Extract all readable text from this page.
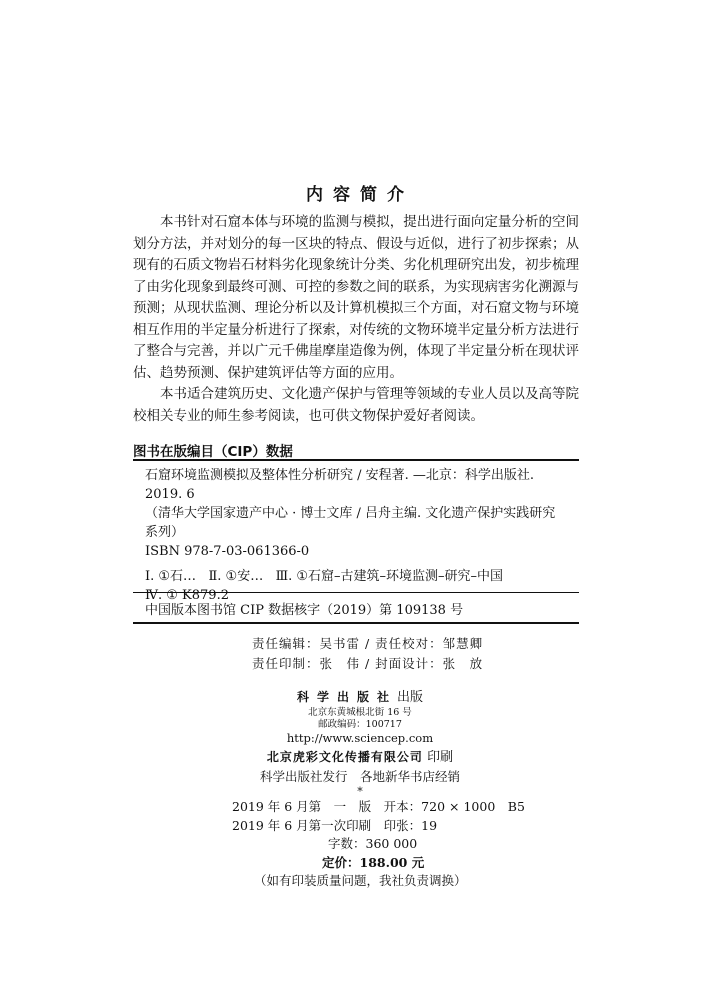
内容简介

本书针对石窟本体与环境的监测与模拟，提出进行面向定量分析的空间划分方法，并对划分的每一区块的特点、假设与近似，进行了初步探索；从现有的石质文物岩石材料劣化现象统计分类、劣化机理研究出发，初步梳理了由劣化现象到最终可测、可控的参数之间的联系，为实现病害劣化溯源与预测；从现状监测、理论分析以及计算机模拟三个方面，对石窟文物与环境相互作用的半定量分析进行了探索，对传统的文物环境半定量分析方法进行了整合与完善，并以广元千佛崖摩崖造像为例，体现了半定量分析在现状评估、趋势预测、保护建筑评估等方面的应用。

本书适合建筑历史、文化遗产保护与管理等领域的专业人员以及高等院校相关专业的师生参考阅读，也可供文物保护爱好者阅读。

图书在版编目（CIP）数据

石窟环境监测模拟及整体性分析研究 / 安程著. —北京：科学出版社.

2019. 6

（清华大学国家遗产中心 · 博士文库 / 吕舟主编. 文化遗产保护实践研究

系列）

ISBN 978-7-03-061366-0

Ⅰ. ①石…   Ⅱ. ①安…   Ⅲ. ①石窟–古建筑–环境监测–研究–中国

Ⅳ. ① K879.2

中国版本图书馆 CIP 数据核字（2019）第 109138 号
责任编辑：吴书雷 / 责任校对：邹慧卿
责任印制：张　伟 / 封面设计：张　放
科学出版社出版
北京东黄城根北街 16 号
邮政编码：100717
http://www.sciencep.com
北京虎彩文化传播有限公司 印刷
科学出版社发行　各地新华书店经销
*

2019 年 6 月第　一　版　开本：720 × 1000　B5

2019 年 6 月第一次印刷　印张：19

字数：360 000

定价：188.00 元

（如有印装质量问题，我社负责调换）
